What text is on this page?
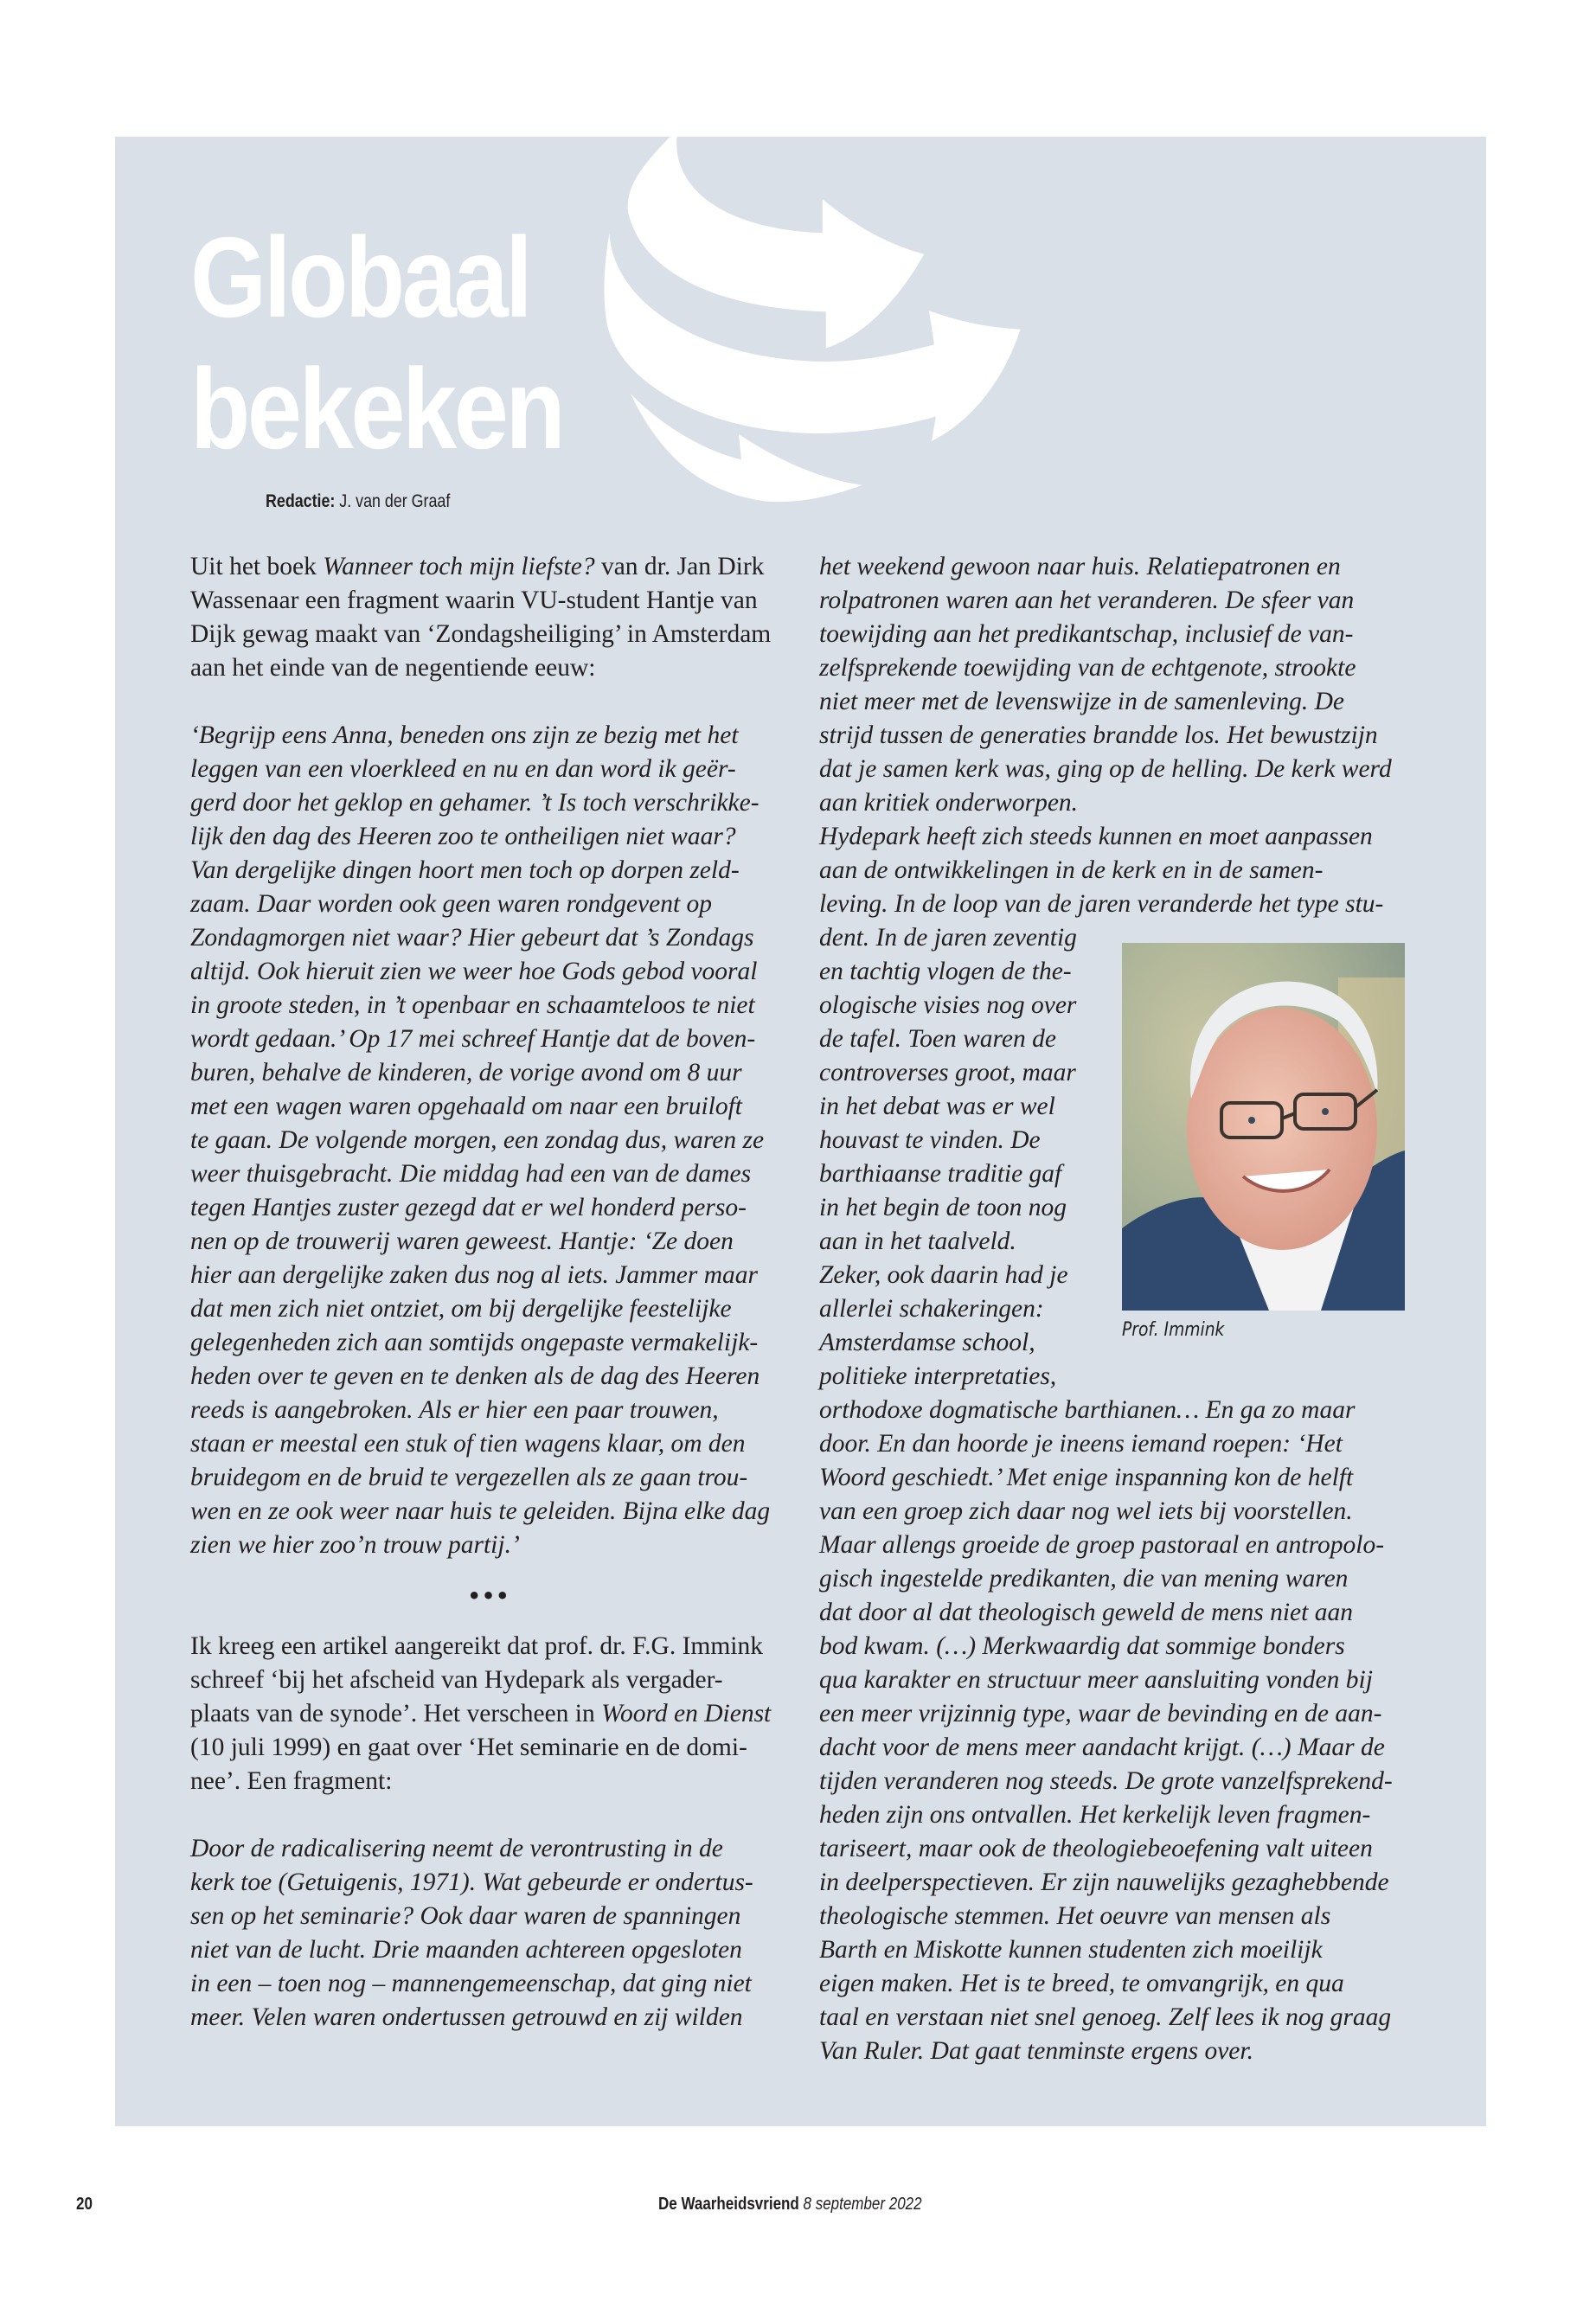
Globaal
bekeken
Redactie: J. van der Graaf

Uit het boek Wanneer toch mijn liefste? van dr. Jan Dirk
Wassenaar een fragment waarin VU-student Hantje van
Dijk gewag maakt van ‘Zondagsheiliging’ in Amsterdam
aan het einde van de negentiende eeuw:

‘Begrijp eens Anna, beneden ons zijn ze bezig met het
leggen van een vloerkleed en nu en dan word ik geër-
gerd door het geklop en gehamer. ’t Is toch verschrikke-
lijk den dag des Heeren zoo te ontheiligen niet waar?
Van dergelijke dingen hoort men toch op dorpen zeld-
zaam. Daar worden ook geen waren rondgevent op
Zondagmorgen niet waar? Hier gebeurt dat ’s Zondags
altijd. Ook hieruit zien we weer hoe Gods gebod vooral
in groote steden, in ’t openbaar en schaamteloos te niet
wordt gedaan.’ Op 17 mei schreef Hantje dat de boven-
buren, behalve de kinderen, de vorige avond om 8 uur
met een wagen waren opgehaald om naar een bruiloft
te gaan. De volgende morgen, een zondag dus, waren ze
weer thuisgebracht. Die middag had een van de dames
tegen Hantjes zuster gezegd dat er wel honderd perso-
nen op de trouwerij waren geweest. Hantje: ‘Ze doen
hier aan dergelijke zaken dus nog al iets. Jammer maar
dat men zich niet ontziet, om bij dergelijke feestelijke
gelegenheden zich aan somtijds ongepaste vermakelijk-
heden over te geven en te denken als de dag des Heeren
reeds is aangebroken. Als er hier een paar trouwen,
staan er meestal een stuk of tien wagens klaar, om den
bruidegom en de bruid te vergezellen als ze gaan trou-
wen en ze ook weer naar huis te geleiden. Bijna elke dag
zien we hier zoo’n trouw partij.’

•••

Ik kreeg een artikel aangereikt dat prof. dr. F.G. Immink
schreef ‘bij het afscheid van Hydepark als vergader-
plaats van de synode’. Het verscheen in Woord en Dienst
(10 juli 1999) en gaat over ‘Het seminarie en de domi-
nee’. Een fragment:

Door de radicalisering neemt de verontrusting in de
kerk toe (Getuigenis, 1971). Wat gebeurde er ondertus-
sen op het seminarie? Ook daar waren de spanningen
niet van de lucht. Drie maanden achtereen opgesloten
in een – toen nog – mannengemeenschap, dat ging niet
meer. Velen waren ondertussen getrouwd en zij wilden

het weekend gewoon naar huis. Relatiepatronen en
rolpatronen waren aan het veranderen. De sfeer van
toewijding aan het predikantschap, inclusief de van-
zelfsprekende toewijding van de echtgenote, strookte
niet meer met de levenswijze in de samenleving. De
strijd tussen de generaties brandde los. Het bewustzijn
dat je samen kerk was, ging op de helling. De kerk werd
aan kritiek onderworpen.
Hydepark heeft zich steeds kunnen en moet aanpassen
aan de ontwikkelingen in de kerk en in de samen-
leving. In de loop van de jaren veranderde het type stu-

dent. In de jaren zeventig
en tachtig vlogen de the-
ologische visies nog over
de tafel. Toen waren de
controverses groot, maar
in het debat was er wel
houvast te vinden. De
barthiaanse traditie gaf
in het begin de toon nog
aan in het taalveld.
Zeker, ook daarin had je
allerlei schakeringen:
Amsterdamse school,
politieke interpretaties,

orthodoxe dogmatische barthianen… En ga zo maar
door. En dan hoorde je ineens iemand roepen: ‘Het
Woord geschiedt.’ Met enige inspanning kon de helft
van een groep zich daar nog wel iets bij voorstellen.
Maar allengs groeide de groep pastoraal en antropolo-
gisch ingestelde predikanten, die van mening waren
dat door al dat theologisch geweld de mens niet aan
bod kwam. (…) Merkwaardig dat sommige bonders
qua karakter en structuur meer aansluiting vonden bij
een meer vrijzinnig type, waar de bevinding en de aan-
dacht voor de mens meer aandacht krijgt. (…) Maar de
tijden veranderen nog steeds. De grote vanzelfsprekend-
heden zijn ons ontvallen. Het kerkelijk leven fragmen-
tariseert, maar ook de theologiebeoefening valt uiteen
in deelperspectieven. Er zijn nauwelijks gezaghebbende
theologische stemmen. Het oeuvre van mensen als
Barth en Miskotte kunnen studenten zich moeilijk
eigen maken. Het is te breed, te omvangrijk, en qua
taal en verstaan niet snel genoeg. Zelf lees ik nog graag
Van Ruler. Dat gaat tenminste ergens over.

Prof. Immink
20	De Waarheidsvriend 8 september 2022
